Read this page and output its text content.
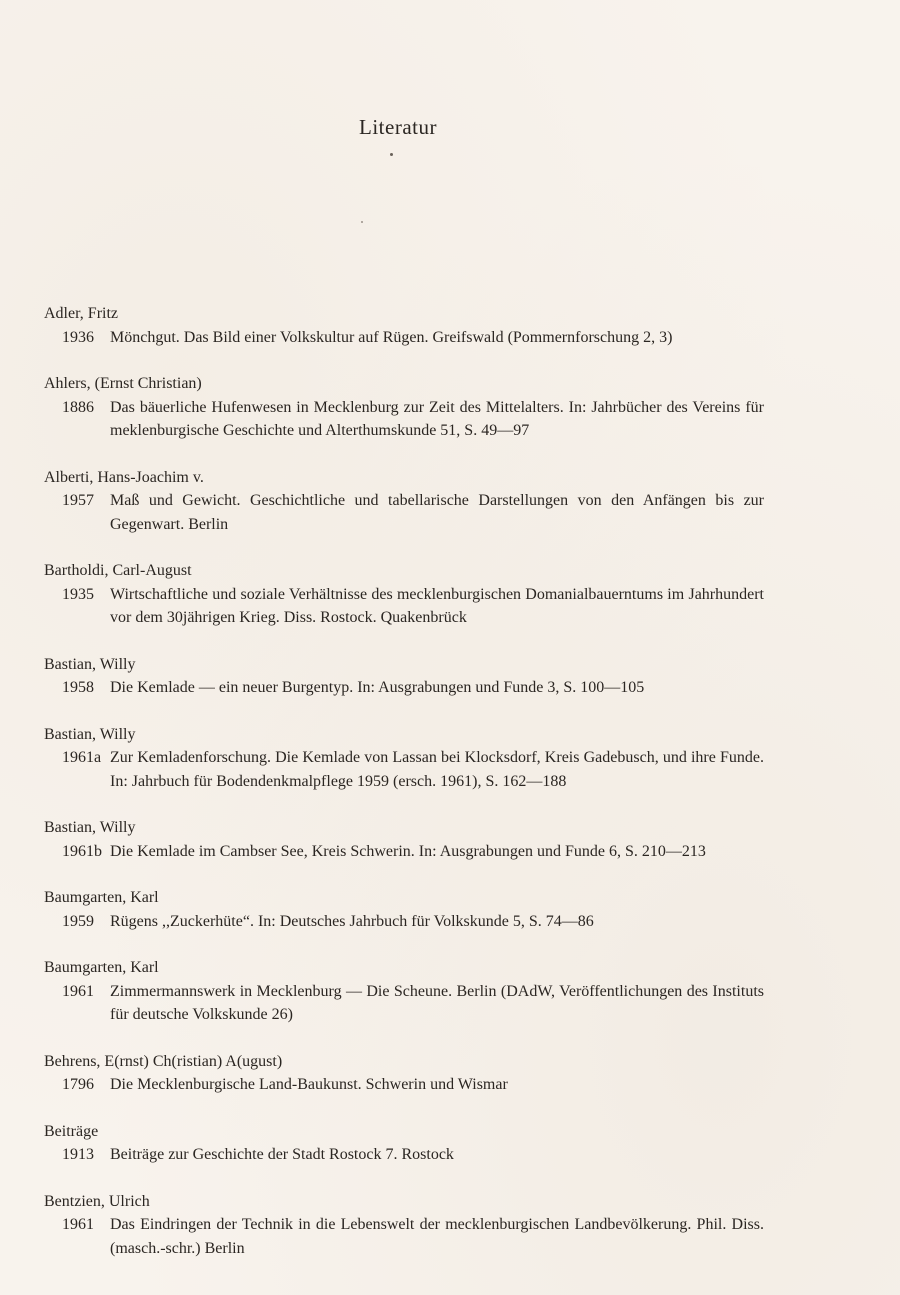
Literatur
Adler, Fritz
1936	Mönchgut. Das Bild einer Volkskultur auf Rügen. Greifswald (Pommernforschung 2, 3)
Ahlers, (Ernst Christian)
1886	Das bäuerliche Hufenwesen in Mecklenburg zur Zeit des Mittelalters. In: Jahrbücher des Vereins für meklenburgische Geschichte und Alterthumskunde 51, S. 49—97
Alberti, Hans-Joachim v.
1957	Maß und Gewicht. Geschichtliche und tabellarische Darstellungen von den Anfängen bis zur Gegenwart. Berlin
Bartholdi, Carl-August
1935	Wirtschaftliche und soziale Verhältnisse des mecklenburgischen Domanialbauerntums im Jahrhundert vor dem 30jährigen Krieg. Diss. Rostock. Quakenbrück
Bastian, Willy
1958	Die Kemlade — ein neuer Burgentyp. In: Ausgrabungen und Funde 3, S. 100—105
Bastian, Willy
1961a Zur Kemladenforschung. Die Kemlade von Lassan bei Klocksdorf, Kreis Gadebusch, und ihre Funde. In: Jahrbuch für Bodendenkmalpflege 1959 (ersch. 1961), S. 162—188
Bastian, Willy
1961b Die Kemlade im Cambser See, Kreis Schwerin. In: Ausgrabungen und Funde 6, S. 210—213
Baumgarten, Karl
1959	Rügens ,,Zuckerhüte“. In: Deutsches Jahrbuch für Volkskunde 5, S. 74—86
Baumgarten, Karl
1961	Zimmermannswerk in Mecklenburg — Die Scheune. Berlin (DAdW, Veröffentlichungen des Instituts für deutsche Volkskunde 26)
Behrens, E(rnst) Ch(ristian) A(ugust)
1796	Die Mecklenburgische Land-Baukunst. Schwerin und Wismar
Beiträge
1913	Beiträge zur Geschichte der Stadt Rostock 7. Rostock
Bentzien, Ulrich
1961	Das Eindringen der Technik in die Lebenswelt der mecklenburgischen Landbevölkerung. Phil. Diss. (masch.-schr.) Berlin
